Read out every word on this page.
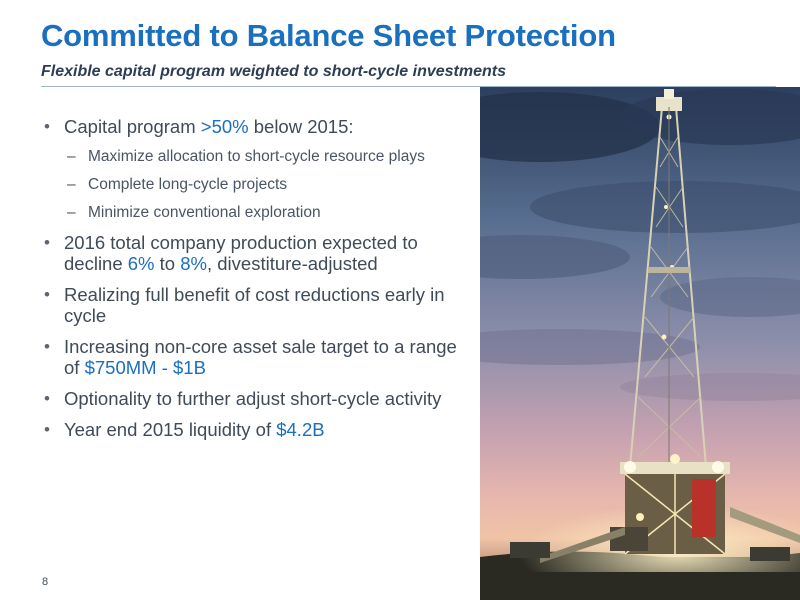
Committed to Balance Sheet Protection
Flexible capital program weighted to short-cycle investments
• Capital program >50% below 2015:
– Maximize allocation to short-cycle resource plays
– Complete long-cycle projects
– Minimize conventional exploration
• 2016 total company production expected to decline 6% to 8%, divestiture-adjusted
• Realizing full benefit of cost reductions early in cycle
• Increasing non-core asset sale target to a range of $750MM - $1B
• Optionality to further adjust short-cycle activity
• Year end 2015 liquidity of $4.2B
8
